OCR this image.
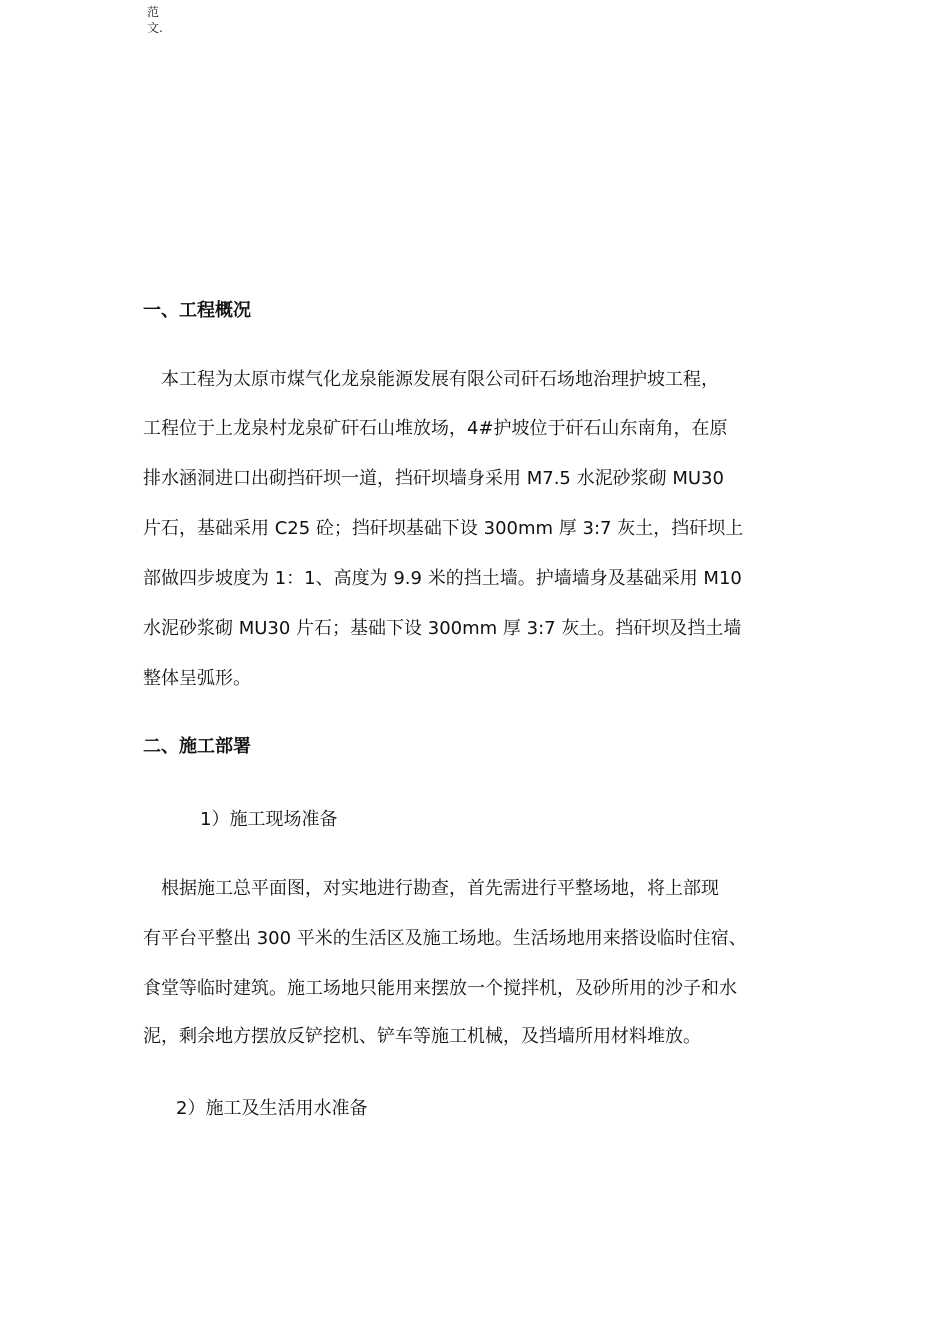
范
文.
一、工程概况
　本工程为太原市煤气化龙泉能源发展有限公司矸石场地治理护坡工程，
工程位于上龙泉村龙泉矿矸石山堆放场，4#护坡位于矸石山东南角，在原
排水涵洞进口出砌挡矸坝一道，挡矸坝墙身采用 M7.5 水泥砂浆砌 MU30
片石，基础采用 C25 砼；挡矸坝基础下设 300mm 厚 3:7 灰土，挡矸坝上
部做四步坡度为 1：1、高度为 9.9 米的挡土墙。护墙墙身及基础采用 M10
水泥砂浆砌 MU30 片石；基础下设 300mm 厚 3:7 灰土。挡矸坝及挡土墙
整体呈弧形。
二、施工部署
1）施工现场准备
　根据施工总平面图，对实地进行勘查，首先需进行平整场地，将上部现
有平台平整出 300 平米的生活区及施工场地。生活场地用来搭设临时住宿、
食堂等临时建筑。施工场地只能用来摆放一个搅拌机，及砂所用的沙子和水
泥，剩余地方摆放反铲挖机、铲车等施工机械，及挡墙所用材料堆放。
2）施工及生活用水准备
